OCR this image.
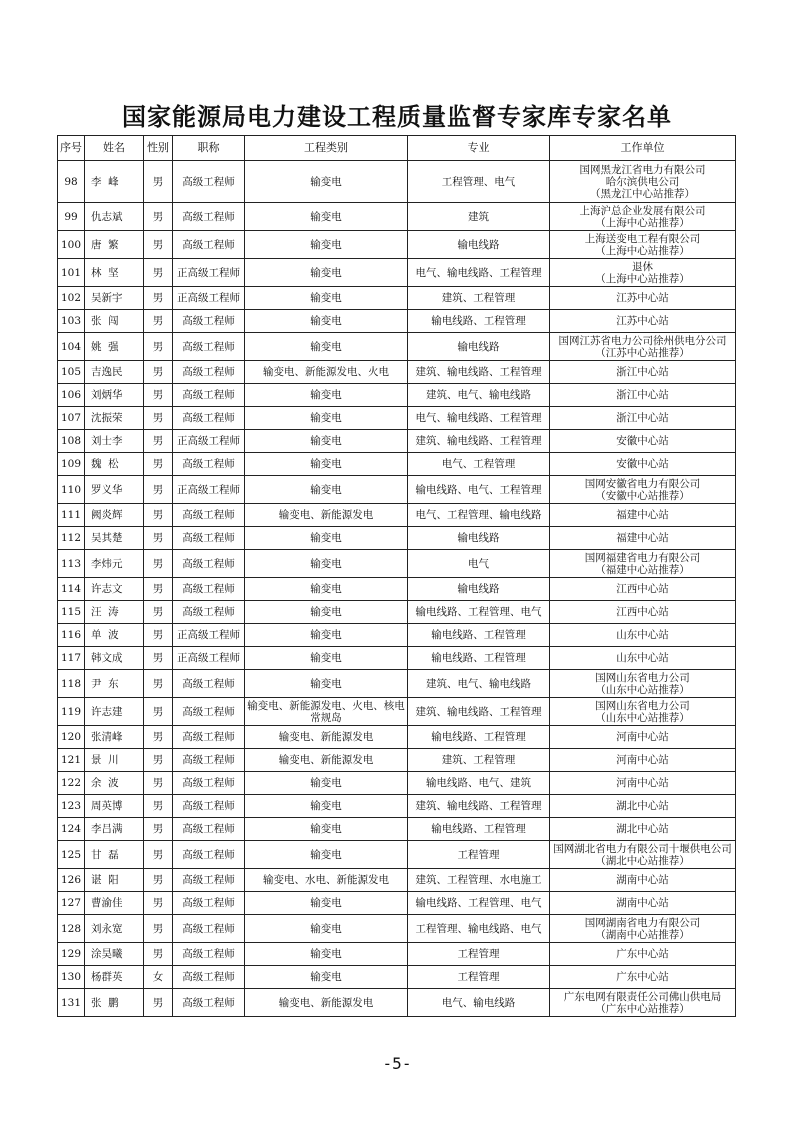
国家能源局电力建设工程质量监督专家库专家名单
序号	姓名	性别	职称	工程类别	专业	工作单位
98	李  峰	男	高级工程师	输变电	工程管理、电气	国网黑龙江省电力有限公司
哈尔滨供电公司
（黑龙江中心站推荐）

99	仇志斌	男	高级工程师	输变电	建筑	上海沪总企业发展有限公司
（上海中心站推荐）

100	唐  繁	男	高级工程师	输变电	输电线路	上海送变电工程有限公司
（上海中心站推荐）

101	林  坚	男	正高级工程师	输变电	电气、输电线路、工程管理	退休
（上海中心站推荐）

102	吴新宇	男	正高级工程师	输变电	建筑、工程管理	江苏中心站

103	张  闯	男	高级工程师	输变电	输电线路、工程管理	江苏中心站

104	姚  强	男	高级工程师	输变电	输电线路	国网江苏省电力公司徐州供电分公司
（江苏中心站推荐）

105	吉逸民	男	高级工程师	输变电、新能源发电、火电	建筑、输电线路、工程管理	浙江中心站

106	刘炳华	男	高级工程师	输变电	建筑、电气、输电线路	浙江中心站

107	沈振荣	男	高级工程师	输变电	电气、输电线路、工程管理	浙江中心站

108	刘士李	男	正高级工程师	输变电	建筑、输电线路、工程管理	安徽中心站

109	魏  松	男	高级工程师	输变电	电气、工程管理	安徽中心站

110	罗义华	男	正高级工程师	输变电	输电线路、电气、工程管理	国网安徽省电力有限公司
（安徽中心站推荐）

111	阙炎辉	男	高级工程师	输变电、新能源发电	电气、工程管理、输电线路	福建中心站

112	吴其楚	男	高级工程师	输变电	输电线路	福建中心站

113	李炜元	男	高级工程师	输变电	电气	国网福建省电力有限公司
（福建中心站推荐）

114	许志文	男	高级工程师	输变电	输电线路	江西中心站

115	汪  涛	男	高级工程师	输变电	输电线路、工程管理、电气	江西中心站

116	单  波	男	正高级工程师	输变电	输电线路、工程管理	山东中心站

117	韩文成	男	正高级工程师	输变电	输电线路、工程管理	山东中心站

118	尹  东	男	高级工程师	输变电	建筑、电气、输电线路	国网山东省电力公司
（山东中心站推荐）

119	许志建	男	高级工程师	输变电、新能源发电、火电、核电常规岛	建筑、输电线路、工程管理	国网山东省电力公司
（山东中心站推荐）

120	张清峰	男	高级工程师	输变电、新能源发电	输电线路、工程管理	河南中心站

121	景  川	男	高级工程师	输变电、新能源发电	建筑、工程管理	河南中心站

122	余  波	男	高级工程师	输变电	输电线路、电气、建筑	河南中心站

123	周英博	男	高级工程师	输变电	建筑、输电线路、工程管理	湖北中心站

124	李吕满	男	高级工程师	输变电	输电线路、工程管理	湖北中心站

125	甘  磊	男	高级工程师	输变电	工程管理	国网湖北省电力有限公司十堰供电公司
（湖北中心站推荐）

126	谌  阳	男	高级工程师	输变电、水电、新能源发电	建筑、工程管理、水电施工	湖南中心站

127	曹渝佳	男	高级工程师	输变电	输电线路、工程管理、电气	湖南中心站

128	刘永宽	男	高级工程师	输变电	工程管理、输电线路、电气	国网湖南省电力有限公司
（湖南中心站推荐）

129	涂昊曦	男	高级工程师	输变电	工程管理	广东中心站

130	杨群英	女	高级工程师	输变电	工程管理	广东中心站

131	张  鹏	男	高级工程师	输变电、新能源发电	电气、输电线路	广东电网有限责任公司佛山供电局
（广东中心站推荐）
-5-
